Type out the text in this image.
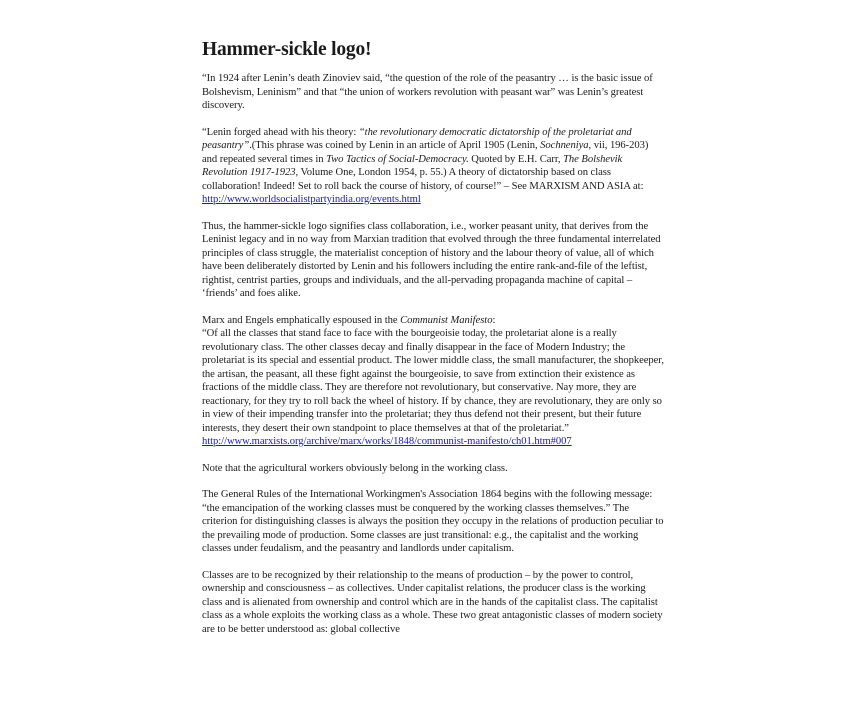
Hammer-sickle logo!

“In 1924 after Lenin’s death Zinoviev said, “the question of the role of the peasantry … is the basic issue of Bolshevism, Leninism” and that “the union of workers revolution with peasant war” was Lenin’s greatest discovery.

“Lenin forged ahead with his theory: “the revolutionary democratic dictatorship of the proletariat and peasantry”.(This phrase was coined by Lenin in an article of April 1905 (Lenin, Sochneniya, vii, 196-203) and repeated several times in Two Tactics of Social-Democracy. Quoted by E.H. Carr, The Bolshevik Revolution 1917-1923, Volume One, London 1954, p. 55.) A theory of dictatorship based on class collaboration! Indeed! Set to roll back the course of history, of course!” – See MARXISM AND ASIA at:
http://www.worldsocialistpartyindia.org/events.html

Thus, the hammer-sickle logo signifies class collaboration, i.e., worker peasant unity, that derives from the Leninist legacy and in no way from Marxian tradition that evolved through the three fundamental interrelated principles of class struggle, the materialist conception of history and the labour theory of value, all of which have been deliberately distorted by Lenin and his followers including the entire rank-and-file of the leftist, rightist, centrist parties, groups and individuals, and the all-pervading propaganda machine of capital – ‘friends’ and foes alike.

Marx and Engels emphatically espoused in the Communist Manifesto:
“Of all the classes that stand face to face with the bourgeoisie today, the proletariat alone is a really revolutionary class. The other classes decay and finally disappear in the face of Modern Industry; the proletariat is its special and essential product. The lower middle class, the small manufacturer, the shopkeeper, the artisan, the peasant, all these fight against the bourgeoisie, to save from extinction their existence as fractions of the middle class. They are therefore not revolutionary, but conservative. Nay more, they are reactionary, for they try to roll back the wheel of history. If by chance, they are revolutionary, they are only so in view of their impending transfer into the proletariat; they thus defend not their present, but their future interests, they desert their own standpoint to place themselves at that of the proletariat.”
http://www.marxists.org/archive/marx/works/1848/communist-manifesto/ch01.htm#007

Note that the agricultural workers obviously belong in the working class.

The General Rules of the International Workingmen's Association 1864 begins with the following message: “the emancipation of the working classes must be conquered by the working classes themselves.” The criterion for distinguishing classes is always the position they occupy in the relations of production peculiar to the prevailing mode of production. Some classes are just transitional: e.g., the capitalist and the working classes under feudalism, and the peasantry and landlords under capitalism.

Classes are to be recognized by their relationship to the means of production – by the power to control, ownership and consciousness – as collectives. Under capitalist relations, the producer class is the working class and is alienated from ownership and control which are in the hands of the capitalist class. The capitalist class as a whole exploits the working class as a whole. These two great antagonistic classes of modern society are to be better understood as: global collective
